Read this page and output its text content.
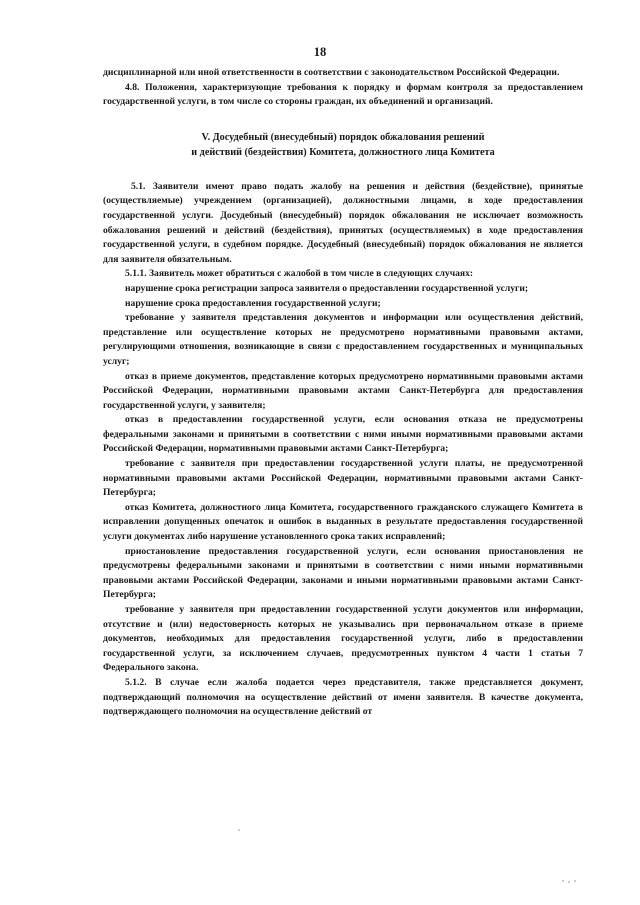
18

дисциплинарной или иной ответственности в соответствии с законодательством Российской Федерации.

4.8. Положения, характеризующие требования к порядку и формам контроля за предоставлением государственной услуги, в том числе со стороны граждан, их объединений и организаций.

V. Досудебный (внесудебный) порядок обжалования решений
и действий (бездействия) Комитета, должностного лица Комитета

5.1. Заявители имеют право подать жалобу на решения и действия (бездействие), принятые (осуществляемые) учреждением (организацией), должностными лицами, в ходе предоставления государственной услуги. Досудебный (внесудебный) порядок обжалования не исключает возможность обжалования решений и действий (бездействия), принятых (осуществляемых) в ходе предоставления государственной услуги, в судебном порядке. Досудебный (внесудебный) порядок обжалования не является для заявителя обязательным.

5.1.1. Заявитель может обратиться с жалобой в том числе в следующих случаях:

нарушение срока регистрации запроса заявителя о предоставлении государственной услуги;

нарушение срока предоставления государственной услуги;

требование у заявителя представления документов и информации или осуществления действий, представление или осуществление которых не предусмотрено нормативными правовыми актами, регулирующими отношения, возникающие в связи с предоставлением государственных и муниципальных услуг;

отказ в приеме документов, представление которых предусмотрено нормативными правовыми актами Российской Федерации, нормативными правовыми актами Санкт-Петербурга для предоставления государственной услуги, у заявителя;

отказ в предоставлении государственной услуги, если основания отказа не предусмотрены федеральными законами и принятыми в соответствии с ними иными нормативными правовыми актами Российской Федерации, нормативными правовыми актами Санкт-Петербурга;

требование с заявителя при предоставлении государственной услуги платы, не предусмотренной нормативными правовыми актами Российской Федерации, нормативными правовыми актами Санкт-Петербурга;

отказ Комитета, должностного лица Комитета, государственного гражданского служащего Комитета в исправлении допущенных опечаток и ошибок в выданных в результате предоставления государственной услуги документах либо нарушение установленного срока таких исправлений;

приостановление предоставления государственной услуги, если основания приостановления не предусмотрены федеральными законами и принятыми в соответствии с ними иными нормативными правовыми актами Российской Федерации, законами и иными нормативными правовыми актами Санкт-Петербурга;

требование у заявителя при предоставлении государственной услуги документов или информации, отсутствие и (или) недостоверность которых не указывались при первоначальном отказе в приеме документов, необходимых для предоставления государственной услуги, либо в предоставлении государственной услуги, за исключением случаев, предусмотренных пунктом 4 части 1 статьи 7 Федерального закона.

5.1.2. В случае если жалоба подается через представителя, также представляется документ, подтверждающий полномочия на осуществление действий от имени заявителя. В качестве документа, подтверждающего полномочия на осуществление действий от
